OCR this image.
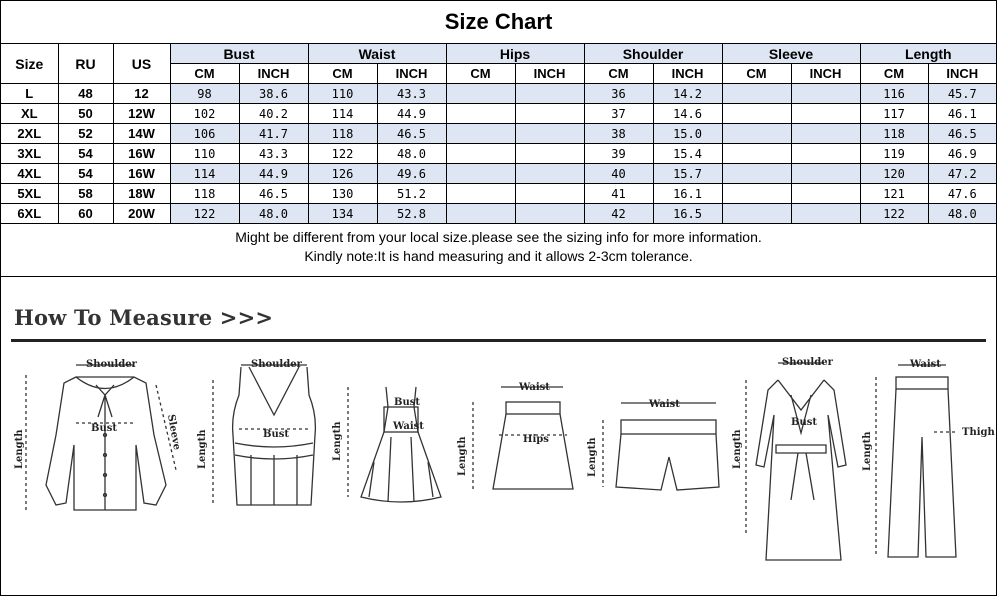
Size Chart
Size	RU	US	Bust		Waist		Hips		Shoulder		Sleeve		Length	
			CM	INCH	CM	INCH	CM	INCH	CM	INCH	CM	INCH	CM	INCH
L	48	12	98	38.6	110	43.3			36	14.2			116	45.7
XL	50	12W	102	40.2	114	44.9			37	14.6			117	46.1
2XL	52	14W	106	41.7	118	46.5			38	15.0			118	46.5
3XL	54	16W	110	43.3	122	48.0			39	15.4			119	46.9
4XL	54	16W	114	44.9	126	49.6			40	15.7			120	47.2
5XL	58	18W	118	46.5	130	51.2			41	16.1			121	47.6
6XL	60	20W	122	48.0	134	52.8			42	16.5			122	48.0
Might be different from your local size.please see the sizing info for more information.
Kindly note:It is hand measuring and it allows 2-3cm tolerance.
How To Measure >>>
Shoulder
Bust
Length	Sleeve
Shoulder
Bust
Length
Bust
Waist
Length
Waist
Hips
Length
Waist
Length
Shoulder
Bust
Length
Waist
Thigh
Length
